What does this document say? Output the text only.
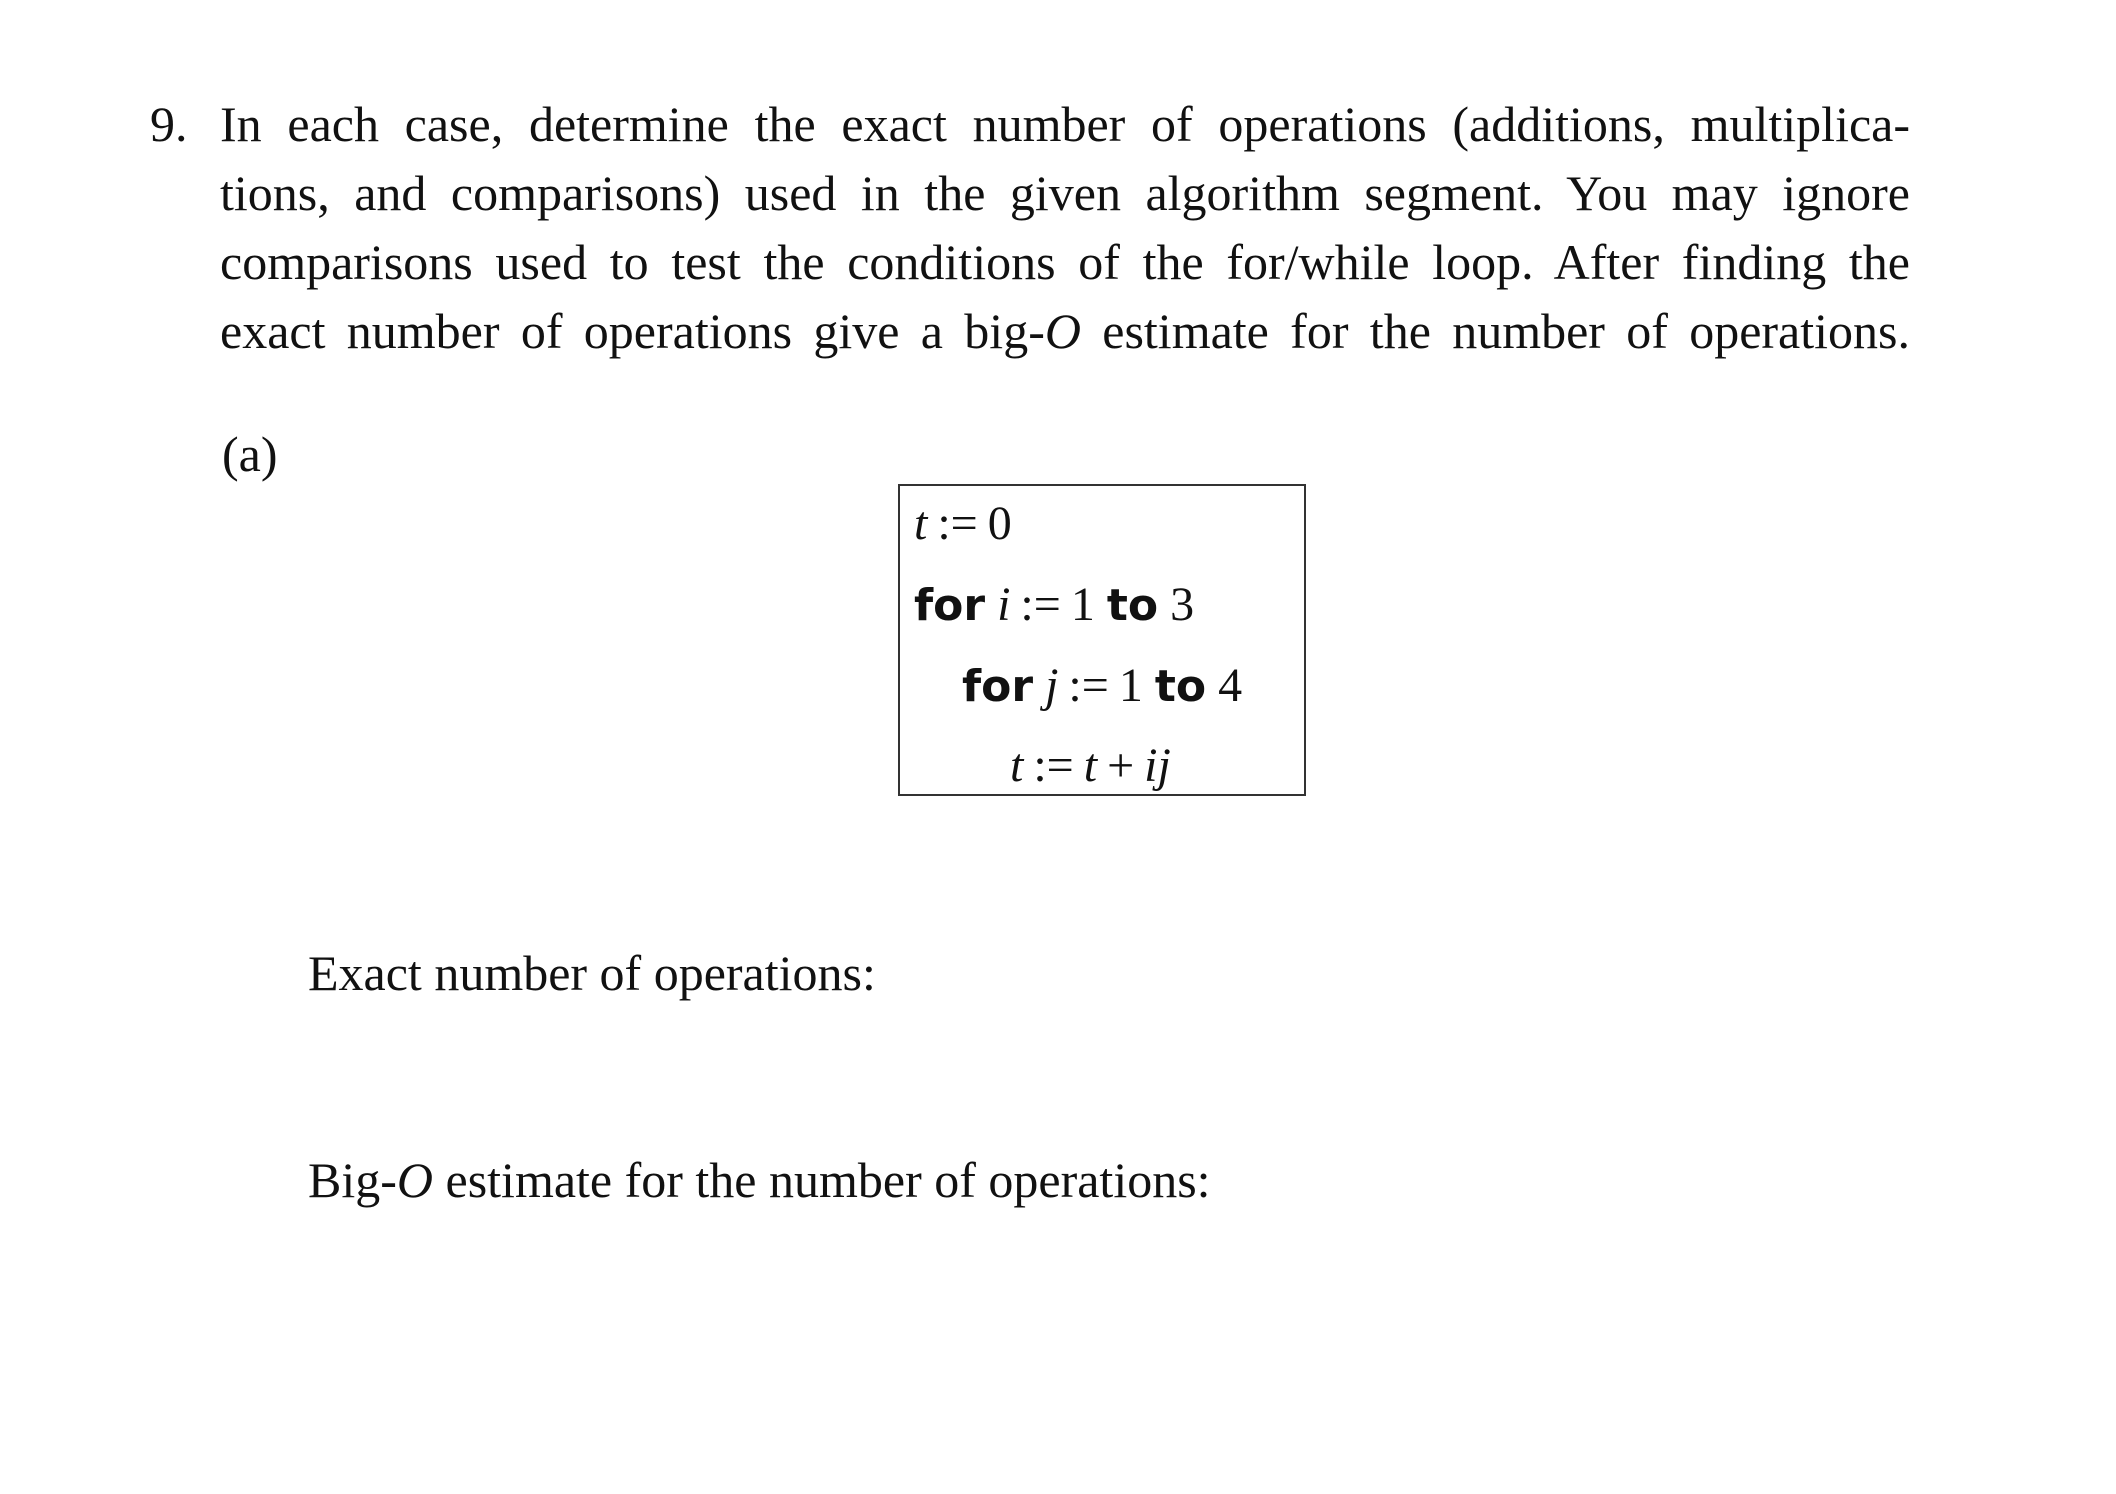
9. In each case, determine the exact number of operations (additions, multiplica-
tions, and comparisons) used in the given algorithm segment. You may ignore
comparisons used to test the conditions of the for/while loop. After finding the
exact number of operations give a big-O estimate for the number of operations.
(a)
t := 0
for i := 1 to 3
for j := 1 to 4
t := t + ij
Exact number of operations:
Big-O estimate for the number of operations:
